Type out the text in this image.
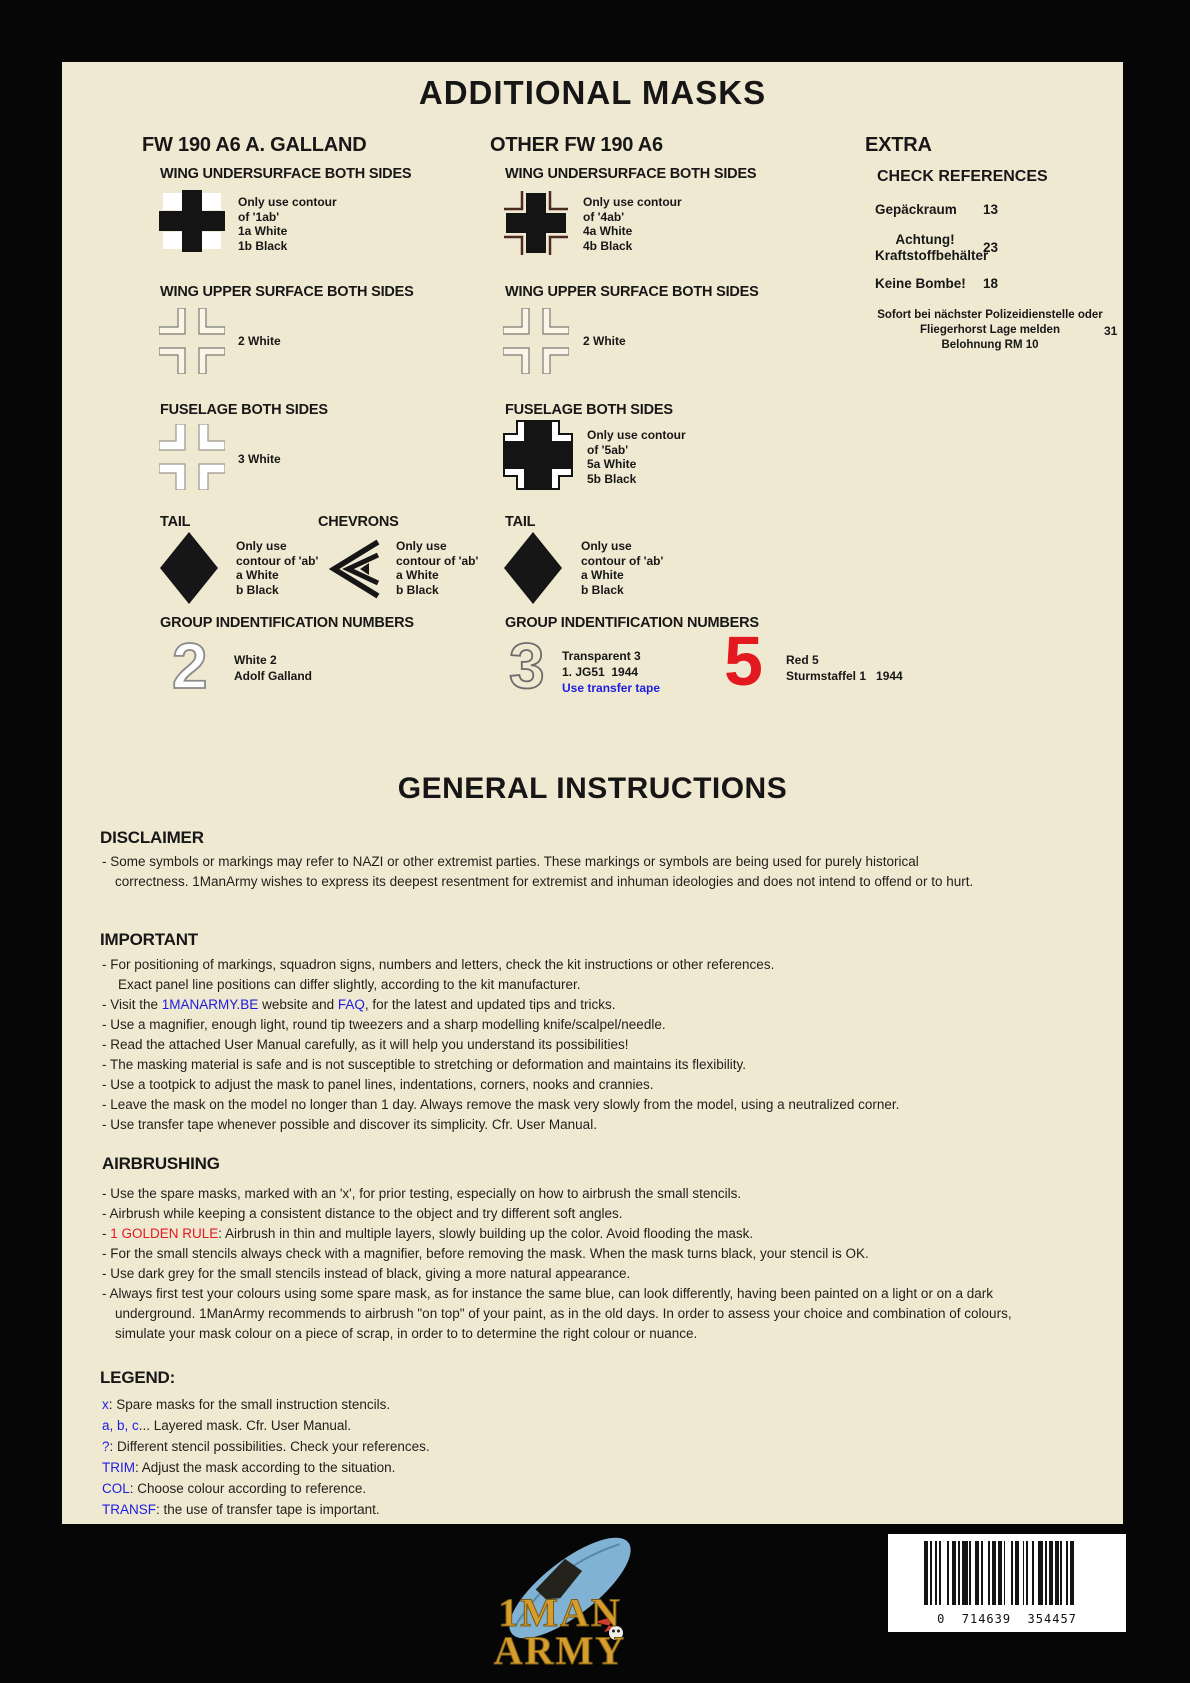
ADDITIONAL MASKS
FW 190 A6 A. GALLAND
WING UNDERSURFACE BOTH SIDES
Only use contour
of '1ab'
1a White
1b Black
WING UPPER SURFACE BOTH SIDES
2 White
FUSELAGE BOTH SIDES
3 White
TAIL	CHEVRONS
Only use
contour of 'ab'
a White
b Black
Only use
contour of 'ab'
a White
b Black
GROUP INDENTIFICATION NUMBERS
2 White 2
Adolf Galland
OTHER FW 190 A6
WING UNDERSURFACE BOTH SIDES
Only use contour
of '4ab'
4a White
4b Black
WING UPPER SURFACE BOTH SIDES
2 White
FUSELAGE BOTH SIDES
Only use contour
of '5ab'
5a White
5b Black
TAIL
Only use
contour of 'ab'
a White
b Black
GROUP INDENTIFICATION NUMBERS
3 Transparent 3
1. JG51  1944
Use transfer tape 5 Red 5
Sturmstaffel 1   1944
EXTRA
CHECK REFERENCES
Gepäckraum 13
Achtung!
Kraftstoffbehälter
23
Keine Bombe! 18
Sofort bei nächster Polizeidienstelle oder
Fliegerhorst Lage melden
Belohnung RM 10
31
GENERAL INSTRUCTIONS
DISCLAIMER
- Some symbols or markings may refer to NAZI or other extremist parties. These markings or symbols are being used for purely historical correctness. 1ManArmy wishes to express its deepest resentment for extremist and inhuman ideologies and does not intend to offend or to hurt.
IMPORTANT
- For positioning of markings, squadron signs, numbers and letters, check the kit instructions or other references.
Exact panel line positions can differ slightly, according to the kit manufacturer.
- Visit the 1MANARMY.BE website and FAQ, for the latest and updated tips and tricks.
- Use a magnifier, enough light, round tip tweezers and a sharp modelling knife/scalpel/needle.
- Read the attached User Manual carefully, as it will help you understand its possibilities!
- The masking material is safe and is not susceptible to stretching or deformation and maintains its flexibility.
- Use a tootpick to adjust the mask to panel lines, indentations, corners, nooks and crannies.
- Leave the mask on the model no longer than 1 day. Always remove the mask very slowly from the model, using a neutralized corner.
- Use transfer tape whenever possible and discover its simplicity. Cfr. User Manual.
AIRBRUSHING
- Use the spare masks, marked with an 'x', for prior testing, especially on how to airbrush the small stencils.
- Airbrush while keeping a consistent distance to the object and try different soft angles.
- 1 GOLDEN RULE: Airbrush in thin and multiple layers, slowly building up the color. Avoid flooding the mask.
- For the small stencils always check with a magnifier, before removing the mask. When the mask turns black, your stencil is OK.
- Use dark grey for the small stencils instead of black, giving a more natural appearance.
- Always first test your colours using some spare mask, as for instance the same blue, can look differently, having been painted on a light or on a dark underground. 1ManArmy recommends to airbrush "on top" of your paint, as in the old days. In order to assess your choice and combination of colours, simulate your mask colour on a piece of scrap, in order to to determine the right colour or nuance.
LEGEND:
x: Spare masks for the small instruction stencils.
a, b, c... Layered mask. Cfr. User Manual.
?: Different stencil possibilities. Check your references.
TRIM: Adjust the mask according to the situation.
COL: Choose colour according to reference.
TRANSF: the use of transfer tape is important.
1MAN
ARMY
0  714639  354457
